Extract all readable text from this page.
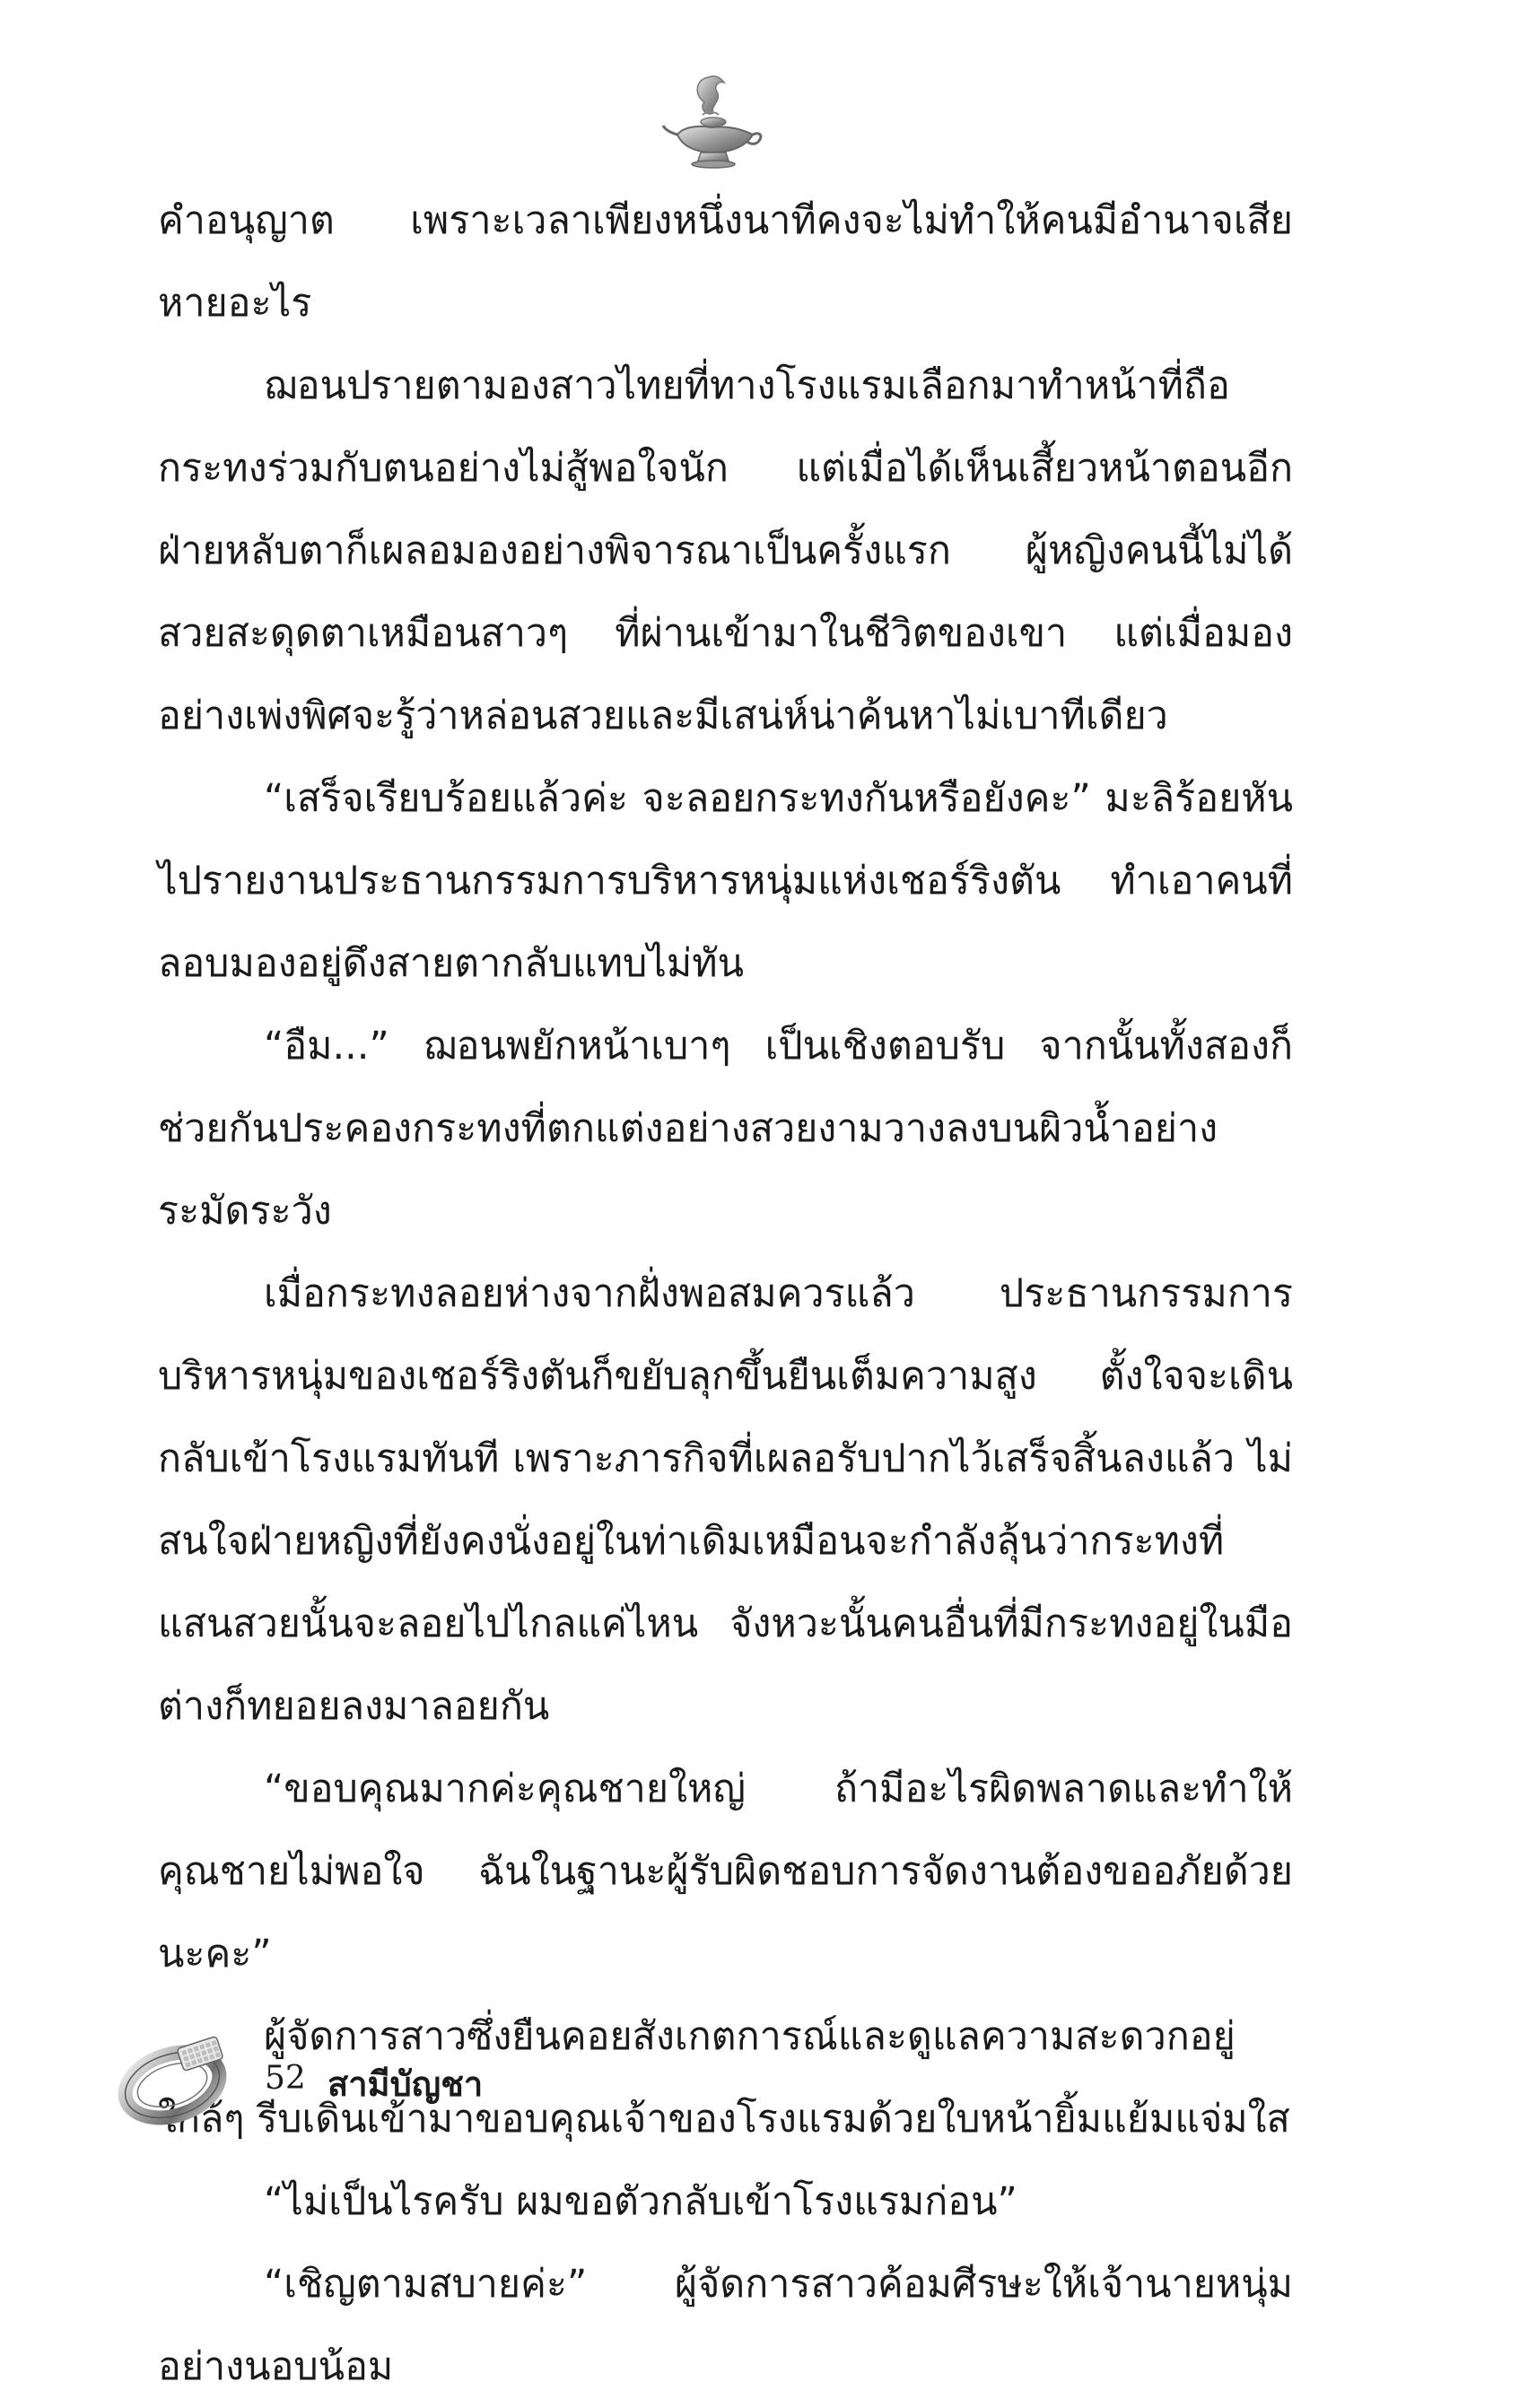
คำอนุญาต เพราะเวลาเพียงหนึ่งนาทีคงจะไม่ทำให้คนมีอำนาจเสียหายอะไร

ฌอนปรายตามองสาวไทยที่ทางโรงแรมเลือกมาทำหน้าที่ถือกระทงร่วมกับตนอย่างไม่สู้พอใจนัก แต่เมื่อได้เห็นเสี้ยวหน้าตอนอีกฝ่ายหลับตาก็เผลอมองอย่างพิจารณาเป็นครั้งแรก ผู้หญิงคนนี้ไม่ได้สวยสะดุดตาเหมือนสาวๆ ที่ผ่านเข้ามาในชีวิตของเขา แต่เมื่อมองอย่างเพ่งพิศจะรู้ว่าหล่อนสวยและมีเสน่ห์น่าค้นหาไม่เบาทีเดียว

“เสร็จเรียบร้อยแล้วค่ะ จะลอยกระทงกันหรือยังคะ” มะลิร้อยหันไปรายงานประธานกรรมการบริหารหนุ่มแห่งเชอร์ริงตัน ทำเอาคนที่ลอบมองอยู่ดึงสายตากลับแทบไม่ทัน

“อืม...” ฌอนพยักหน้าเบาๆ เป็นเชิงตอบรับ จากนั้นทั้งสองก็ช่วยกันประคองกระทงที่ตกแต่งอย่างสวยงามวางลงบนผิวน้ำอย่างระมัดระวัง

เมื่อกระทงลอยห่างจากฝั่งพอสมควรแล้ว ประธานกรรมการบริหารหนุ่มของเชอร์ริงตันก็ขยับลุกขึ้นยืนเต็มความสูง ตั้งใจจะเดินกลับเข้าโรงแรมทันที เพราะภารกิจที่เผลอรับปากไว้เสร็จสิ้นลงแล้ว ไม่สนใจฝ่ายหญิงที่ยังคงนั่งอยู่ในท่าเดิมเหมือนจะกำลังลุ้นว่ากระทงที่แสนสวยนั้นจะลอยไปไกลแค่ไหน จังหวะนั้นคนอื่นที่มีกระทงอยู่ในมือต่างก็ทยอยลงมาลอยกัน

“ขอบคุณมากค่ะคุณชายใหญ่ ถ้ามีอะไรผิดพลาดและทำให้คุณชายไม่พอใจ ฉันในฐานะผู้รับผิดชอบการจัดงานต้องขออภัยด้วยนะคะ”

ผู้จัดการสาวซึ่งยืนคอยสังเกตการณ์และดูแลความสะดวกอยู่ใกล้ๆ รีบเดินเข้ามาขอบคุณเจ้าของโรงแรมด้วยใบหน้ายิ้มแย้มแจ่มใส

“ไม่เป็นไรครับ ผมขอตัวกลับเข้าโรงแรมก่อน”

“เชิญตามสบายค่ะ” ผู้จัดการสาวค้อมศีรษะให้เจ้านายหนุ่มอย่างนอบน้อม

52 สามีบัญชา
